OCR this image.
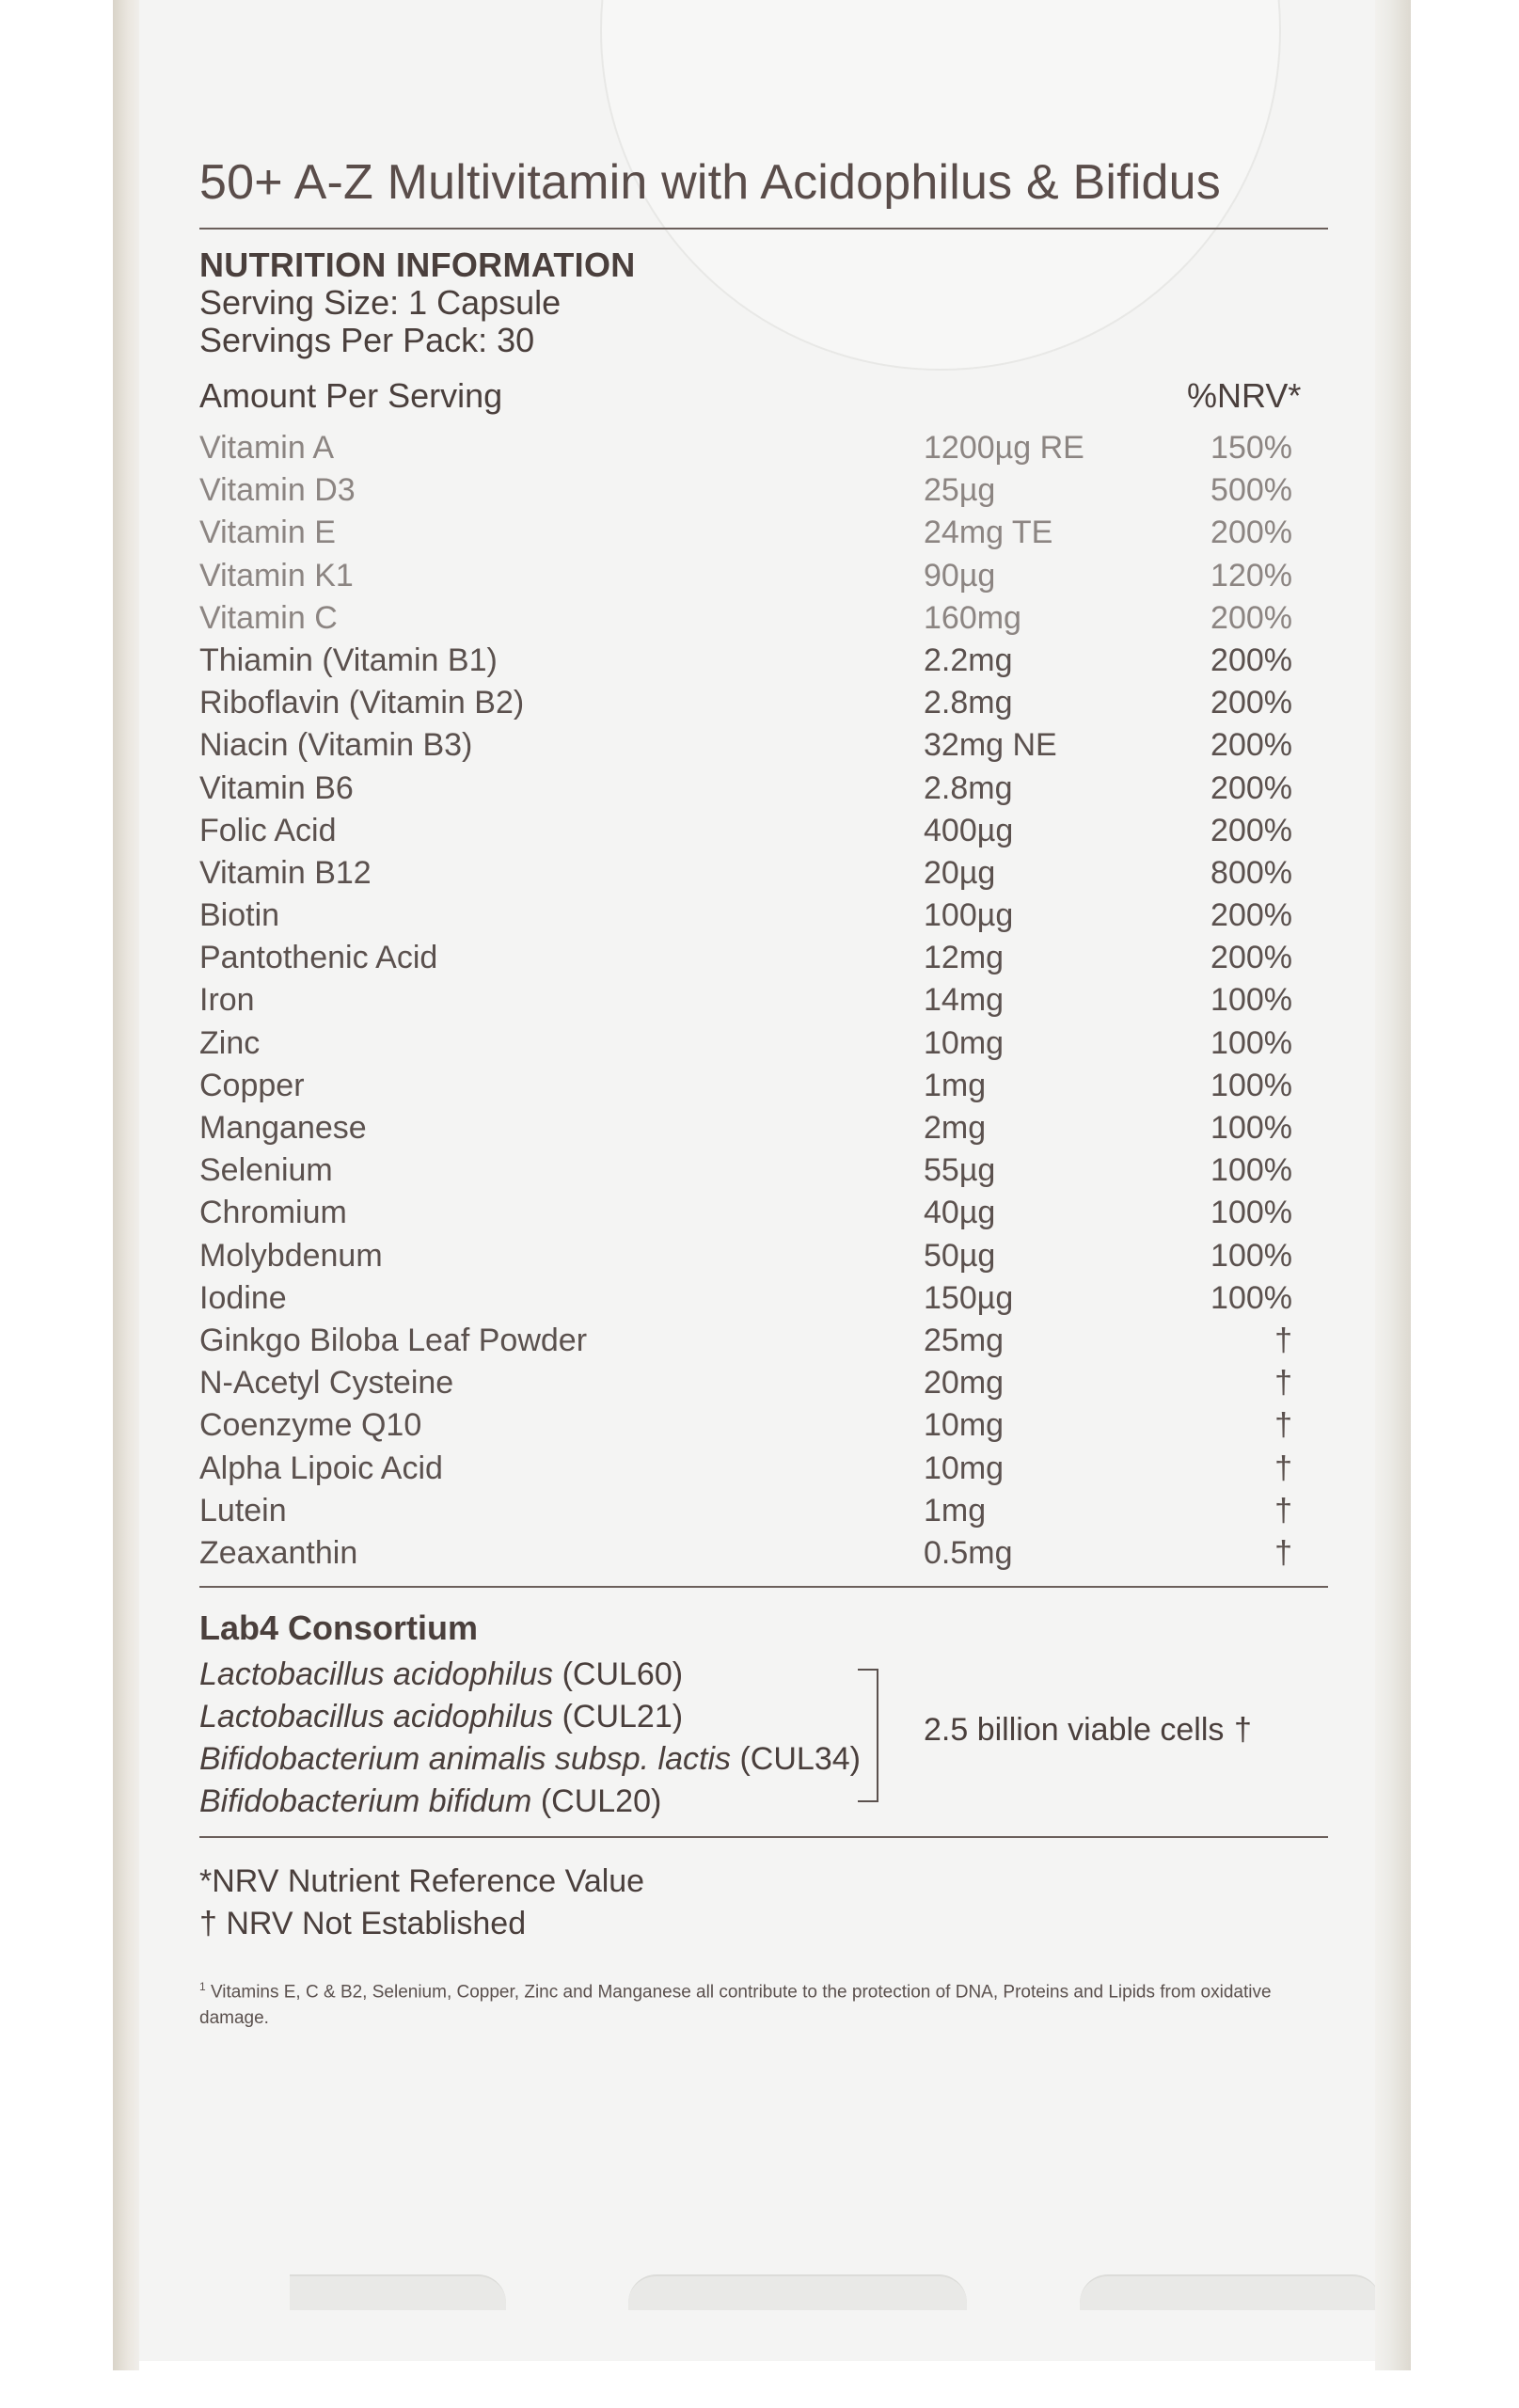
50+ A-Z Multivitamin with Acidophilus & Bifidus
NUTRITION INFORMATION
Serving Size: 1 Capsule
Servings Per Pack: 30
Amount Per Serving	%NRV*
Vitamin A	1200µg RE	150%
Vitamin D3	25µg	500%
Vitamin E	24mg TE	200%
Vitamin K1	90µg	120%
Vitamin C	160mg	200%
Thiamin (Vitamin B1)	2.2mg	200%
Riboflavin (Vitamin B2)	2.8mg	200%
Niacin (Vitamin B3)	32mg NE	200%
Vitamin B6	2.8mg	200%
Folic Acid	400µg	200%
Vitamin B12	20µg	800%
Biotin	100µg	200%
Pantothenic Acid	12mg	200%
Iron	14mg	100%
Zinc	10mg	100%
Copper	1mg	100%
Manganese	2mg	100%
Selenium	55µg	100%
Chromium	40µg	100%
Molybdenum	50µg	100%
Iodine	150µg	100%
Ginkgo Biloba Leaf Powder	25mg	†
N-Acetyl Cysteine	20mg	†
Coenzyme Q10	10mg	†
Alpha Lipoic Acid	10mg	†
Lutein	1mg	†
Zeaxanthin	0.5mg	†
Lab4 Consortium
Lactobacillus acidophilus (CUL60)
Lactobacillus acidophilus (CUL21)
Bifidobacterium animalis subsp. lactis (CUL34)
Bifidobacterium bifidum (CUL20)
2.5 billion viable cells †
*NRV Nutrient Reference Value
† NRV Not Established
$^1$ Vitamins E, C & B2, Selenium, Copper, Zinc and Manganese all contribute to the protection of DNA, Proteins and Lipids from oxidative damage.
